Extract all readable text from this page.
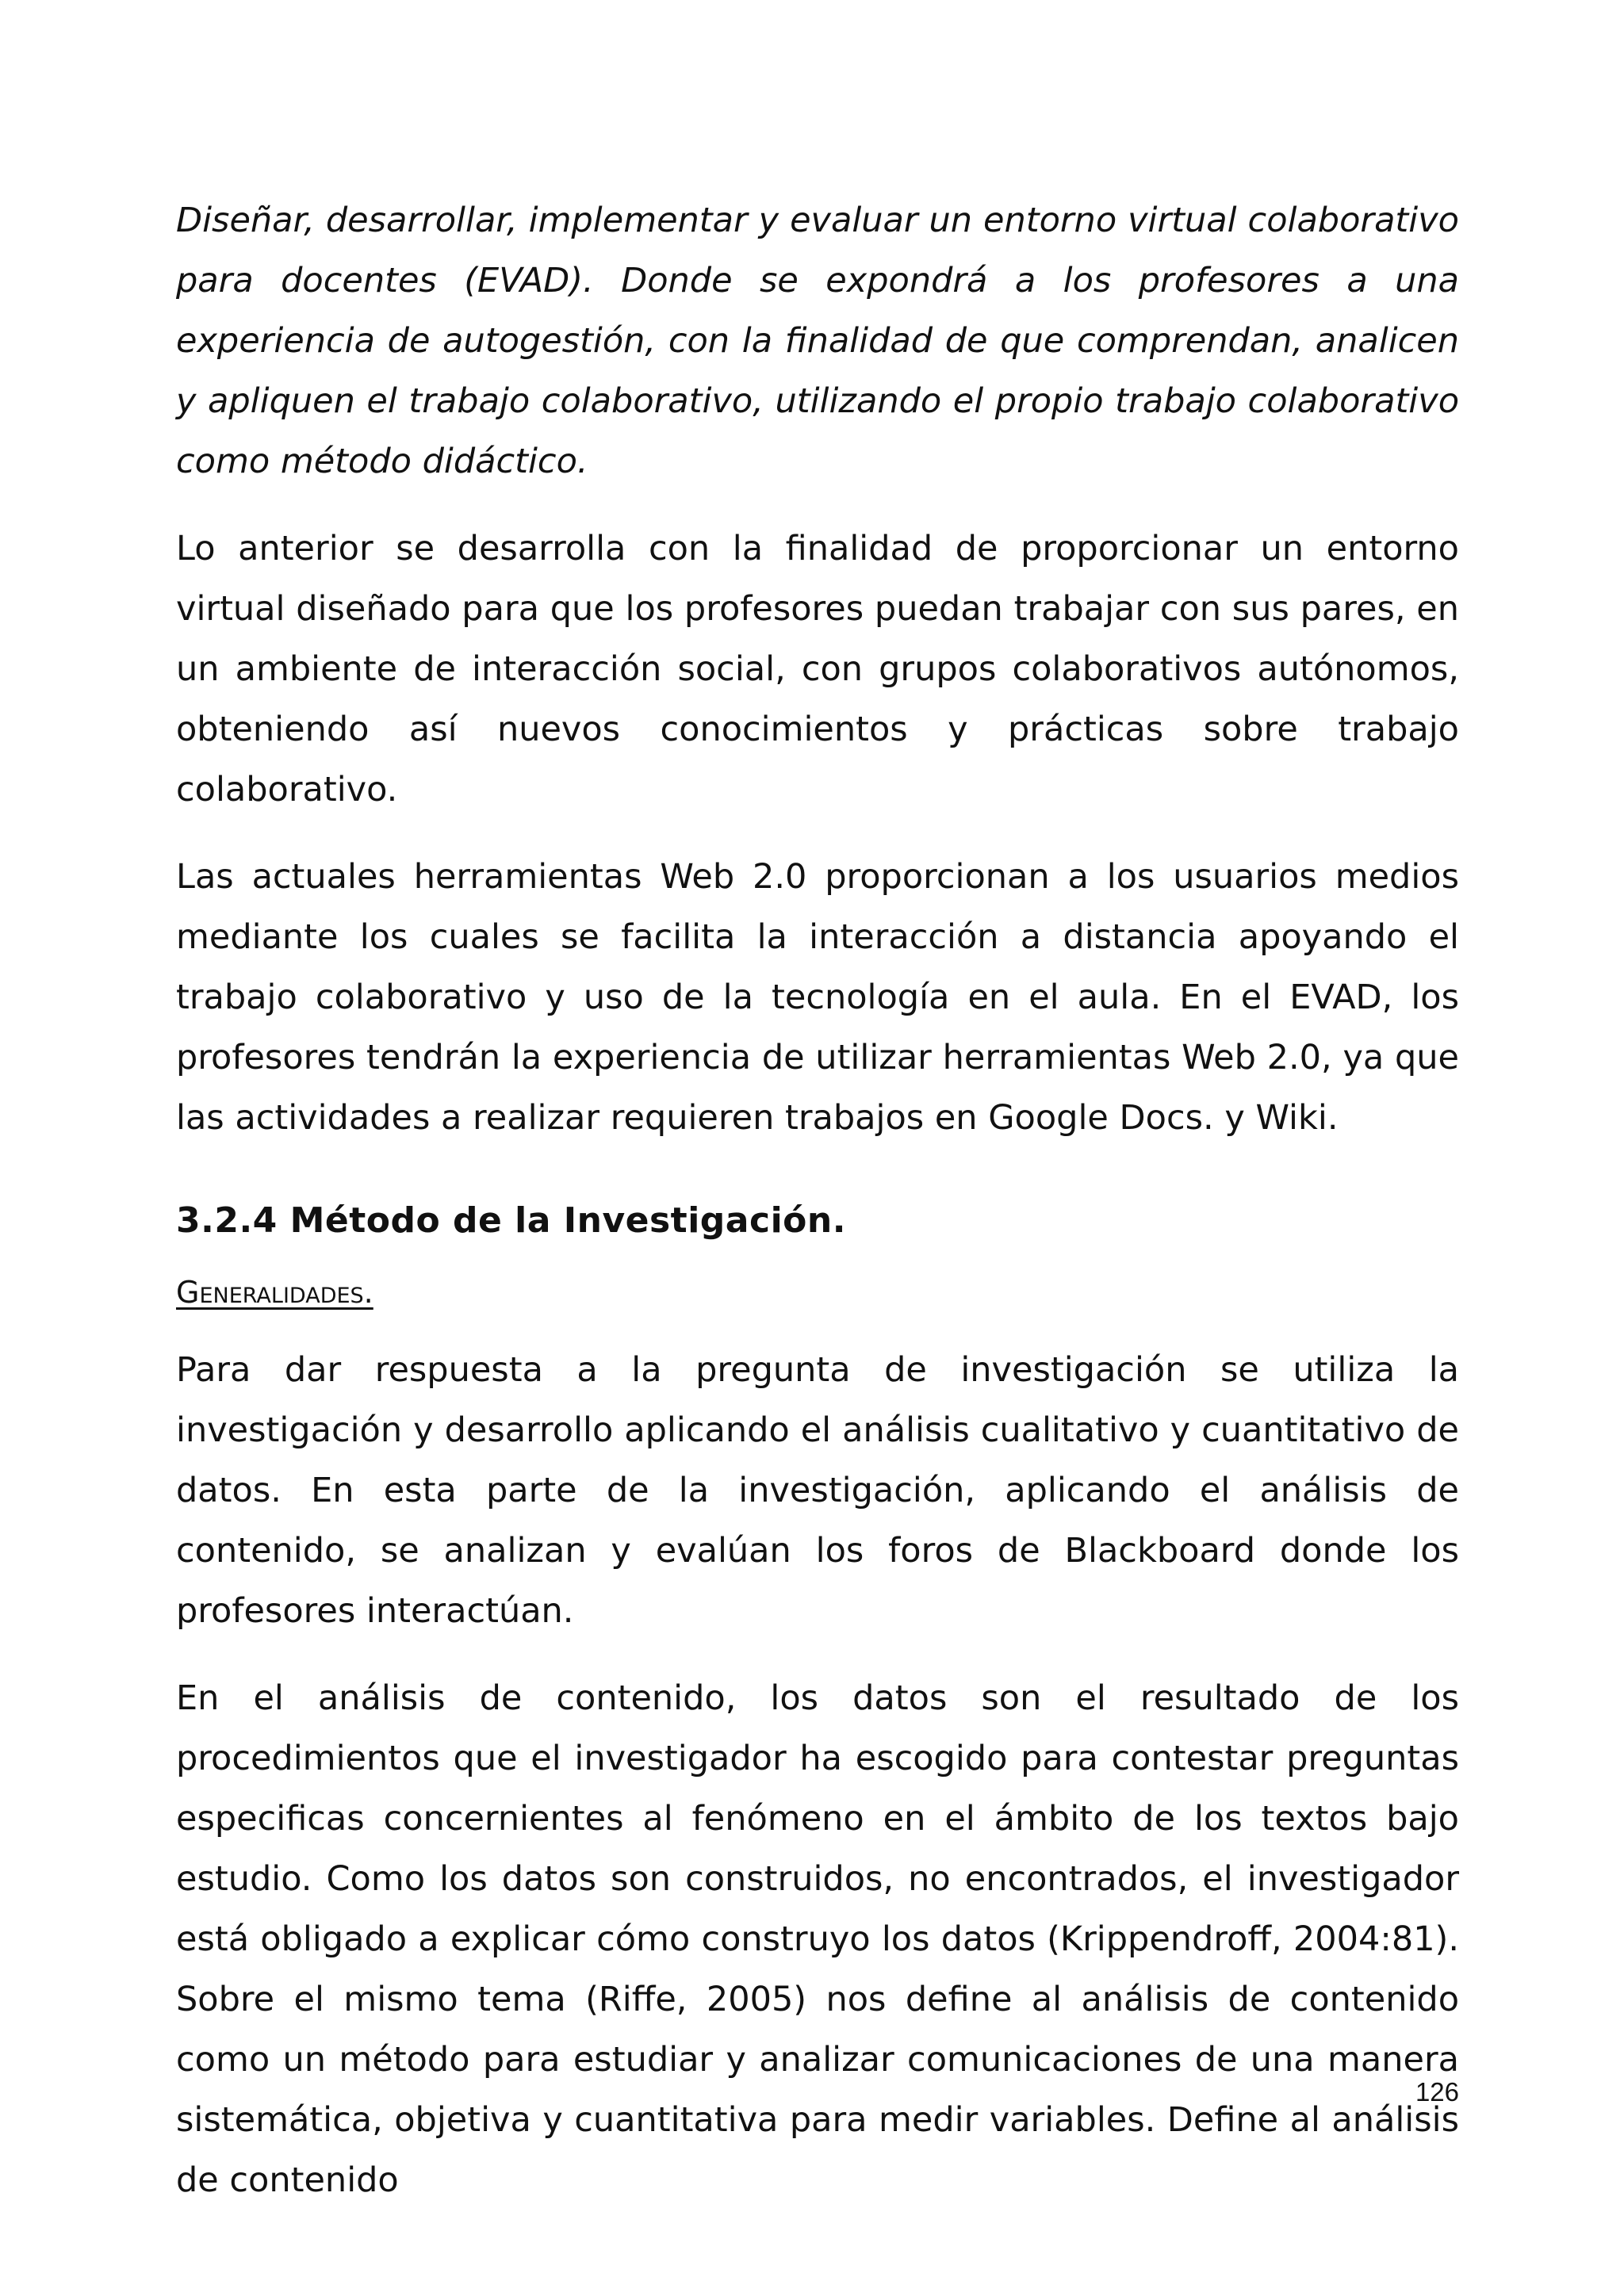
Diseñar, desarrollar, implementar y evaluar un entorno virtual colaborativo para docentes (EVAD). Donde se expondrá a los profesores a una experiencia de autogestión, con la finalidad de que comprendan, analicen y apliquen el trabajo colaborativo, utilizando el propio trabajo colaborativo como método didáctico.

Lo anterior se desarrolla con la finalidad de proporcionar un entorno virtual diseñado para que los profesores puedan trabajar con sus pares, en un ambiente de interacción social, con grupos colaborativos autónomos, obteniendo así nuevos conocimientos y prácticas sobre trabajo colaborativo.

Las actuales herramientas Web 2.0 proporcionan a los usuarios medios mediante los cuales se facilita la interacción a distancia apoyando el trabajo colaborativo y uso de la tecnología en el aula. En el EVAD, los profesores tendrán la experiencia de utilizar herramientas Web 2.0, ya que las actividades a realizar requieren trabajos en Google Docs. y Wiki.

3.2.4 Método de la Investigación.

Generalidades.

Para dar respuesta a la pregunta de investigación se utiliza la investigación y desarrollo aplicando el análisis cualitativo y cuantitativo de datos. En esta parte de la investigación, aplicando el análisis de contenido, se analizan y evalúan los foros de Blackboard donde los profesores interactúan.

En el análisis de contenido, los datos son el resultado de los procedimientos que el investigador ha escogido para contestar preguntas especificas concernientes al fenómeno en el ámbito de los textos bajo estudio. Como los datos son construidos, no encontrados, el investigador está obligado a explicar cómo construyo los datos (Krippendroff, 2004:81). Sobre el mismo tema (Riffe, 2005) nos define al análisis de contenido como un método para estudiar y analizar comunicaciones de una manera sistemática, objetiva y cuantitativa para medir variables. Define al análisis de contenido

126
